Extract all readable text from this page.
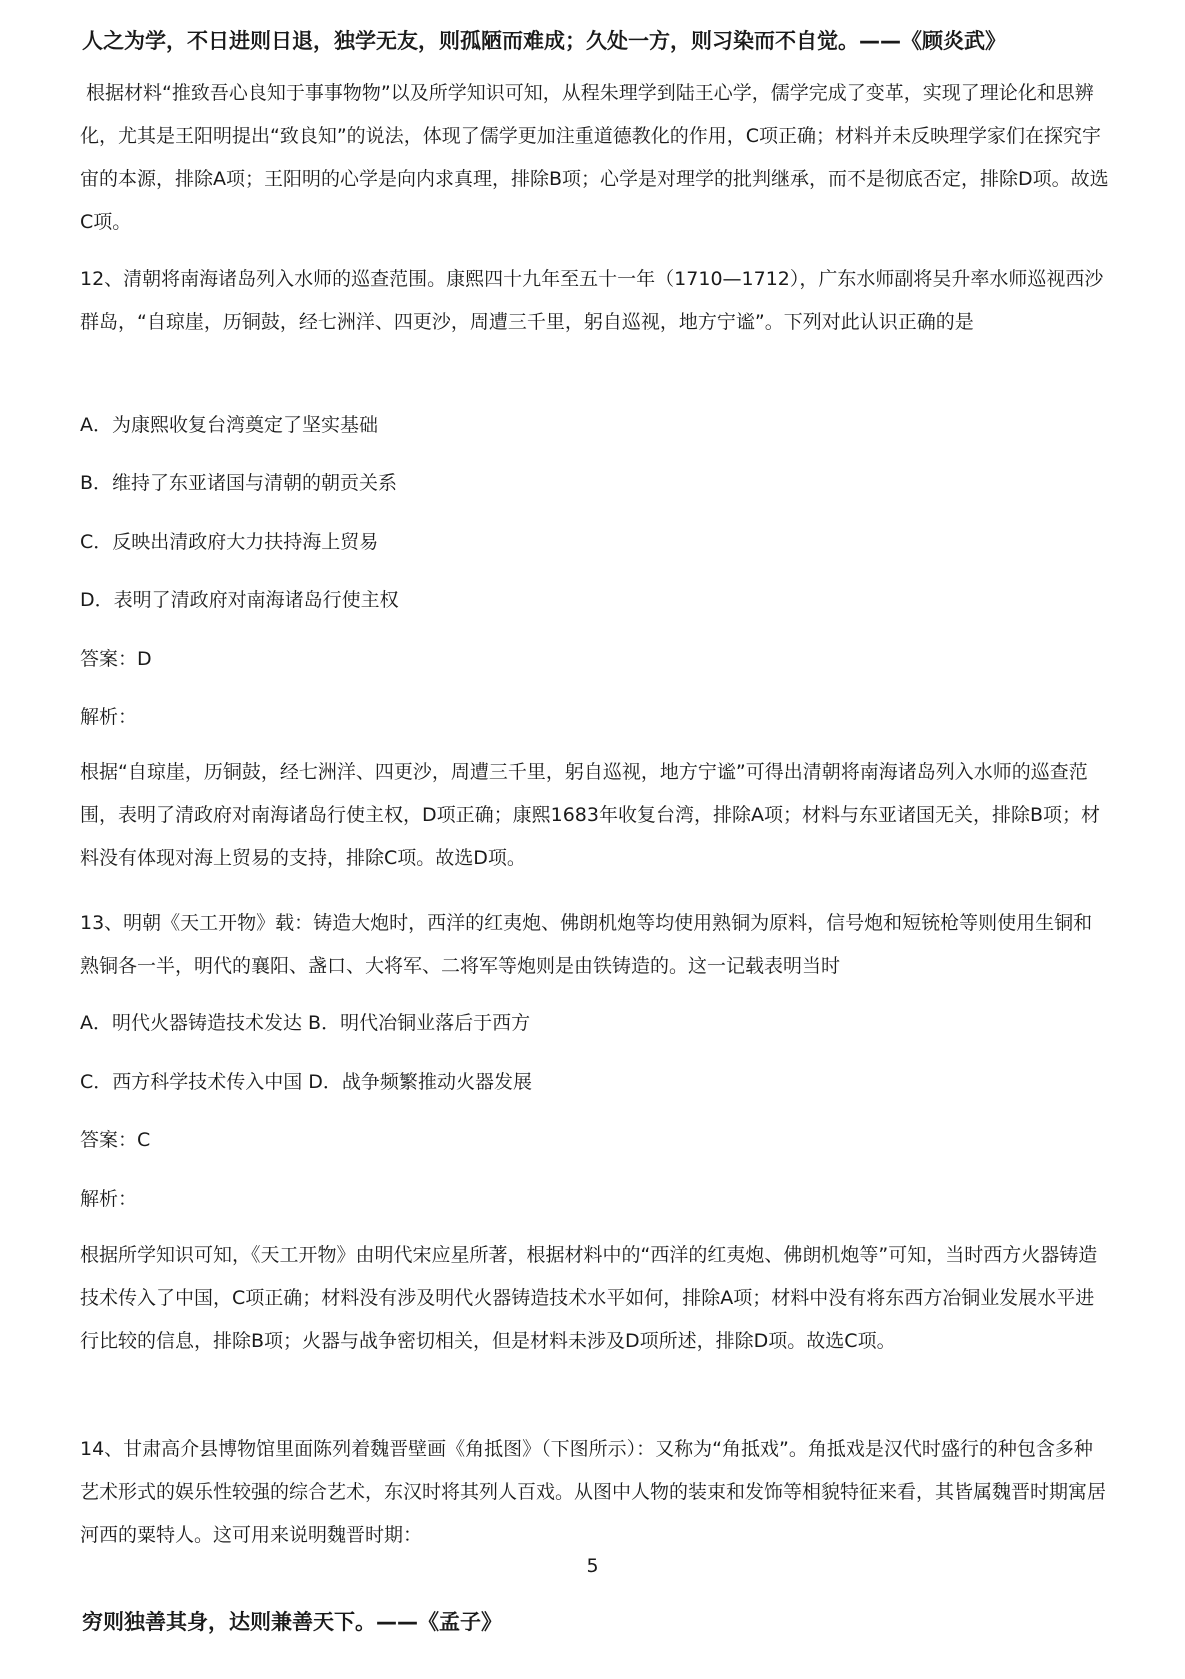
人之为学，不日进则日退，独学无友，则孤陋而难成；久处一方，则习染而不自觉。——《顾炎武》

根据材料“推致吾心良知于事事物物”以及所学知识可知，从程朱理学到陆王心学，儒学完成了变革，实现了理论化和思辨化，尤其是王阳明提出“致良知”的说法，体现了儒学更加注重道德教化的作用，C项正确；材料并未反映理学家们在探究宇宙的本源，排除A项；王阳明的心学是向内求真理，排除B项；心学是对理学的批判继承，而不是彻底否定，排除D项。故选C项。

12、清朝将南海诸岛列入水师的巡查范围。康熙四十九年至五十一年（1710—1712），广东水师副将吴升率水师巡视西沙群岛，“自琼崖，历铜鼓，经七洲洋、四更沙，周遭三千里，躬自巡视，地方宁谧”。下列对此认识正确的是

A．为康熙收复台湾奠定了坚实基础
B．维持了东亚诸国与清朝的朝贡关系
C．反映出清政府大力扶持海上贸易
D．表明了清政府对南海诸岛行使主权
答案：D
解析：

根据“自琼崖，历铜鼓，经七洲洋、四更沙，周遭三千里，躬自巡视，地方宁谧”可得出清朝将南海诸岛列入水师的巡查范围，表明了清政府对南海诸岛行使主权，D项正确；康熙1683年收复台湾，排除A项；材料与东亚诸国无关，排除B项；材料没有体现对海上贸易的支持，排除C项。故选D项。

13、明朝《天工开物》载：铸造大炮时，西洋的红夷炮、佛朗机炮等均使用熟铜为原料，信号炮和短铳枪等则使用生铜和熟铜各一半，明代的襄阳、盏口、大将军、二将军等炮则是由铁铸造的。这一记载表明当时

A．明代火器铸造技术发达 B．明代冶铜业落后于西方
C．西方科学技术传入中国 D．战争频繁推动火器发展
答案：C
解析：

根据所学知识可知，《天工开物》由明代宋应星所著，根据材料中的“西洋的红夷炮、佛朗机炮等”可知，当时西方火器铸造技术传入了中国，C项正确；材料没有涉及明代火器铸造技术水平如何，排除A项；材料中没有将东西方冶铜业发展水平进行比较的信息，排除B项；火器与战争密切相关，但是材料未涉及D项所述，排除D项。故选C项。

14、甘肃高介县博物馆里面陈列着魏晋壁画《角抵图》（下图所示）：又称为“角抵戏”。角抵戏是汉代时盛行的种包含多种艺术形式的娱乐性较强的综合艺术，东汉时将其列人百戏。从图中人物的装束和发饰等相貌特征来看，其皆属魏晋时期寓居河西的粟特人。这可用来说明魏晋时期：

5
穷则独善其身，达则兼善天下。——《孟子》
